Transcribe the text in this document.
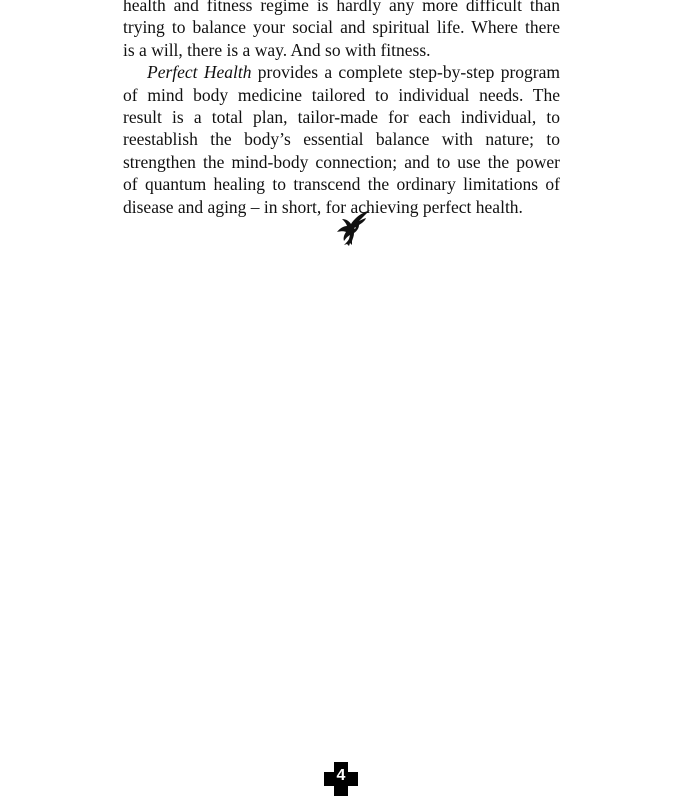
health and fitness regime is hardly any more difficult than
trying to balance your social and spiritual life. Where there
is a will, there is a way. And so with fitness.

Perfect Health provides a complete step-by-step program
of mind body medicine tailored to individual needs. The
result is a total plan, tailor-made for each individual, to
reestablish the body’s essential balance with nature; to
strengthen the mind-body connection; and to use the power
of quantum healing to transcend the ordinary limitations of
disease and aging – in short, for achieving perfect health.

4
